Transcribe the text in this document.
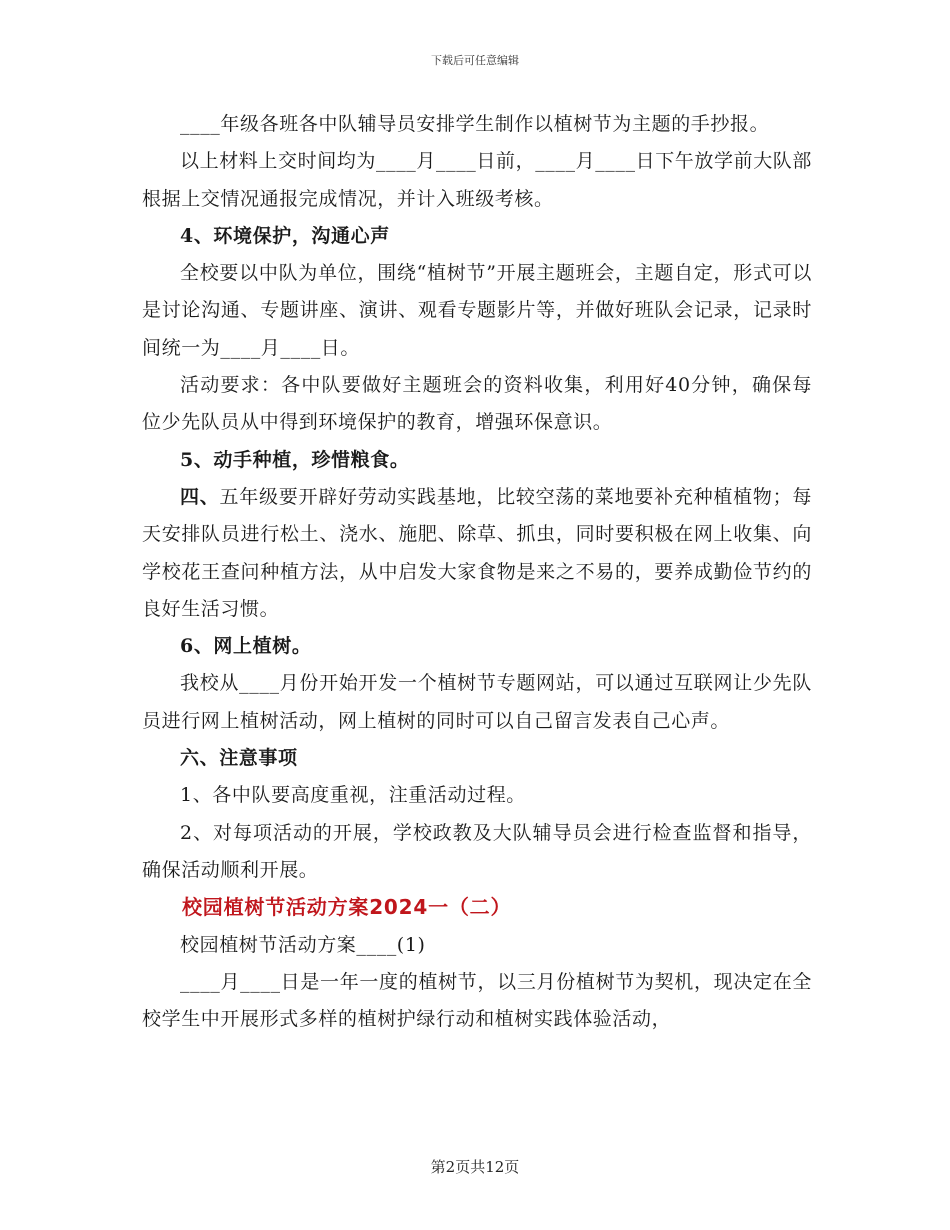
下载后可任意编辑

____年级各班各中队辅导员安排学生制作以植树节为主题的手抄报。

以上材料上交时间均为____月____日前，____月____日下午放学前大队部根据上交情况通报完成情况，并计入班级考核。

4、环境保护，沟通心声

全校要以中队为单位，围绕“植树节”开展主题班会，主题自定，形式可以是讨论沟通、专题讲座、演讲、观看专题影片等，并做好班队会记录，记录时间统一为____月____日。

活动要求：各中队要做好主题班会的资料收集，利用好40分钟，确保每位少先队员从中得到环境保护的教育，增强环保意识。

5、动手种植，珍惜粮食。

四、五年级要开辟好劳动实践基地，比较空荡的菜地要补充种植植物；每天安排队员进行松土、浇水、施肥、除草、抓虫，同时要积极在网上收集、向学校花王查问种植方法，从中启发大家食物是来之不易的，要养成勤俭节约的良好生活习惯。

6、网上植树。

我校从____月份开始开发一个植树节专题网站，可以通过互联网让少先队员进行网上植树活动，网上植树的同时可以自己留言发表自己心声。

六、注意事项

1、各中队要高度重视，注重活动过程。

2、对每项活动的开展，学校政教及大队辅导员会进行检查监督和指导，确保活动顺利开展。

校园植树节活动方案2024一（二）

校园植树节活动方案____(1)

____月____日是一年一度的植树节，以三月份植树节为契机，现决定在全校学生中开展形式多样的植树护绿行动和植树实践体验活动，

第2页共12页
